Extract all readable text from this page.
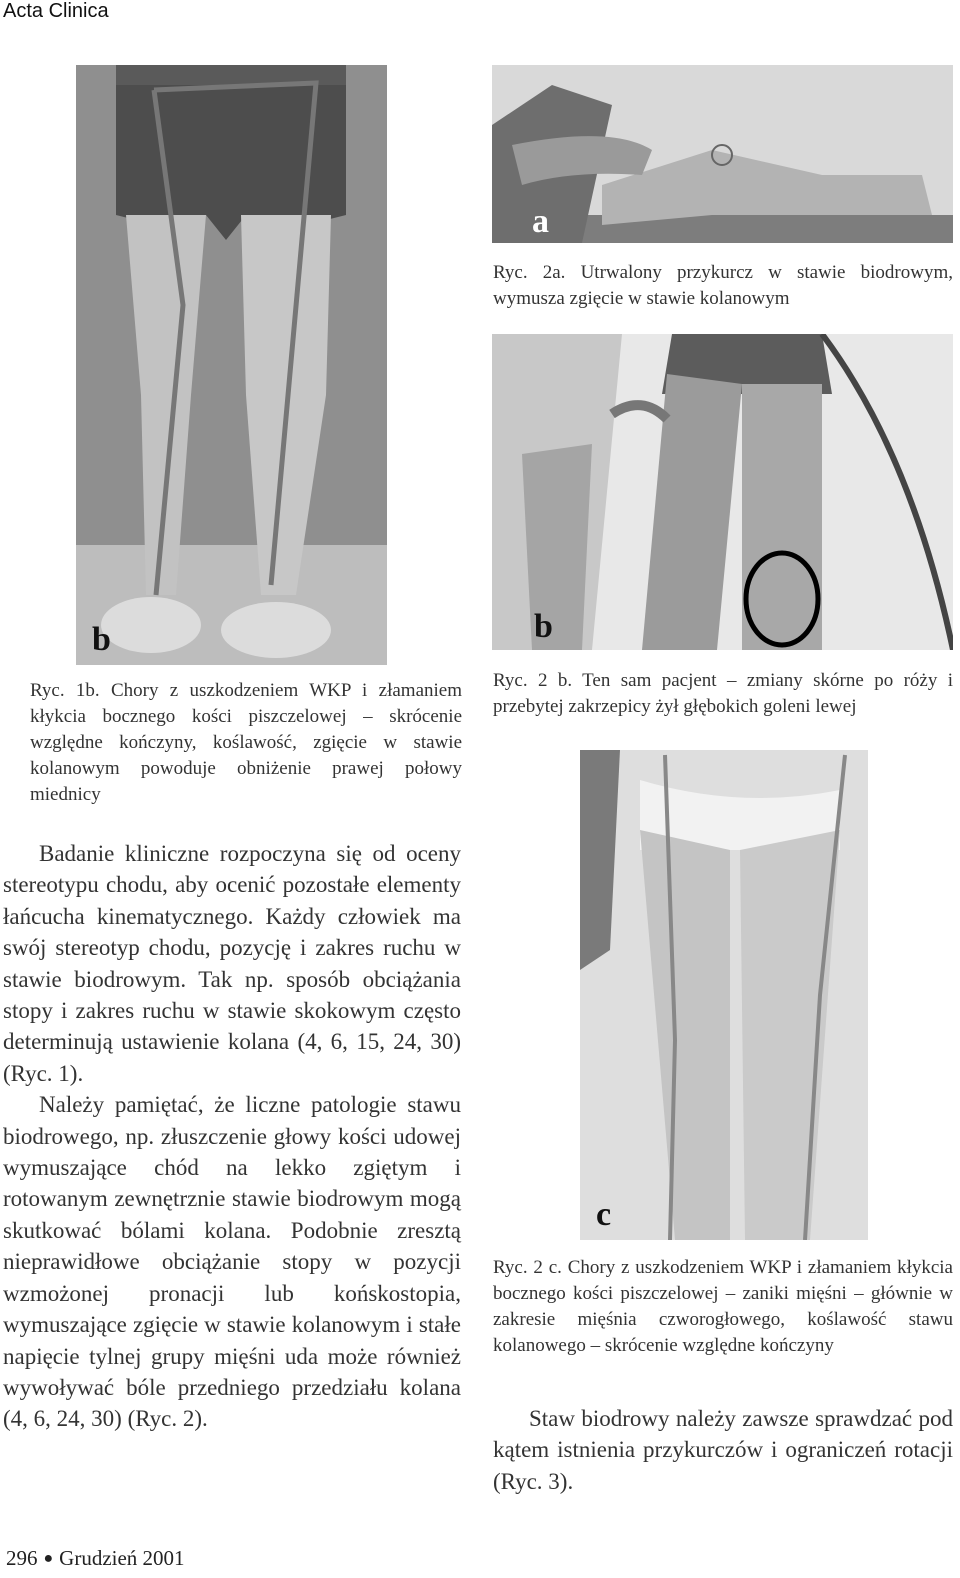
Acta Clinica
b
Ryc. 1b. Chory z uszkodzeniem WKP i złamaniem kłykcia bocznego kości piszczelowej – skrócenie względne kończyny, koślawość, zgięcie w stawie kolanowym powoduje obniżenie prawej połowy miednicy
a
Ryc. 2a. Utrwalony przykurcz w stawie biodrowym, wymusza zgięcie w stawie kolanowym
b
Ryc. 2 b. Ten sam pacjent – zmiany skórne po róży i przebytej zakrzepicy żył głębokich goleni lewej
c
Ryc. 2 c. Chory z uszkodzeniem WKP i złamaniem kłykcia bocznego kości piszczelowej – zaniki mięśni – głównie w zakresie mięśnia czworogłowego, koślawość stawu kolanowego – skrócenie względne kończyny

Badanie kliniczne rozpoczyna się od oceny stereotypu chodu, aby ocenić pozostałe elementy łańcucha kinematycznego. Każdy człowiek ma swój stereotyp chodu, pozycję i zakres ruchu w stawie biodrowym. Tak np. sposób obciążania stopy i zakres ruchu w stawie skokowym często determinują ustawienie kolana (4, 6, 15, 24, 30) (Ryc. 1).

Należy pamiętać, że liczne patologie stawu biodrowego, np. złuszczenie głowy kości udowej wymuszające chód na lekko zgiętym i rotowanym zewnętrznie stawie biodrowym mogą skutkować bólami kolana. Podobnie zresztą nieprawidłowe obciążanie stopy w pozycji wzmożonej pronacji lub końskostopia, wymuszające zgięcie w stawie kolanowym i stałe napięcie tylnej grupy mięśni uda może również wywoływać bóle przedniego przedziału kolana (4, 6, 24, 30) (Ryc. 2).	Staw biodrowy należy zawsze sprawdzać pod kątem istnienia przykurczów i ograniczeń rotacji (Ryc. 3).

296 ● Grudzień 2001
